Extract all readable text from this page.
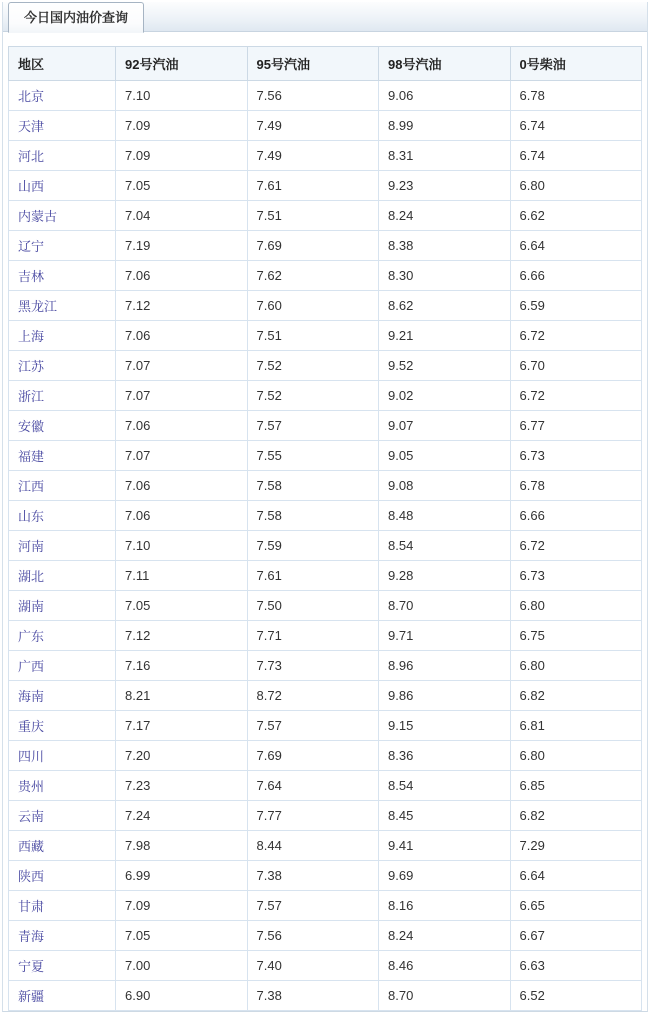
今日国内油价查询
地区	92号汽油	95号汽油	98号汽油	0号柴油
北京	7.10	7.56	9.06	6.78
天津	7.09	7.49	8.99	6.74
河北	7.09	7.49	8.31	6.74
山西	7.05	7.61	9.23	6.80
内蒙古	7.04	7.51	8.24	6.62
辽宁	7.19	7.69	8.38	6.64
吉林	7.06	7.62	8.30	6.66
黑龙江	7.12	7.60	8.62	6.59
上海	7.06	7.51	9.21	6.72
江苏	7.07	7.52	9.52	6.70
浙江	7.07	7.52	9.02	6.72
安徽	7.06	7.57	9.07	6.77
福建	7.07	7.55	9.05	6.73
江西	7.06	7.58	9.08	6.78
山东	7.06	7.58	8.48	6.66
河南	7.10	7.59	8.54	6.72
湖北	7.11	7.61	9.28	6.73
湖南	7.05	7.50	8.70	6.80
广东	7.12	7.71	9.71	6.75
广西	7.16	7.73	8.96	6.80
海南	8.21	8.72	9.86	6.82
重庆	7.17	7.57	9.15	6.81
四川	7.20	7.69	8.36	6.80
贵州	7.23	7.64	8.54	6.85
云南	7.24	7.77	8.45	6.82
西藏	7.98	8.44	9.41	7.29
陕西	6.99	7.38	9.69	6.64
甘肃	7.09	7.57	8.16	6.65
青海	7.05	7.56	8.24	6.67
宁夏	7.00	7.40	8.46	6.63
新疆	6.90	7.38	8.70	6.52
